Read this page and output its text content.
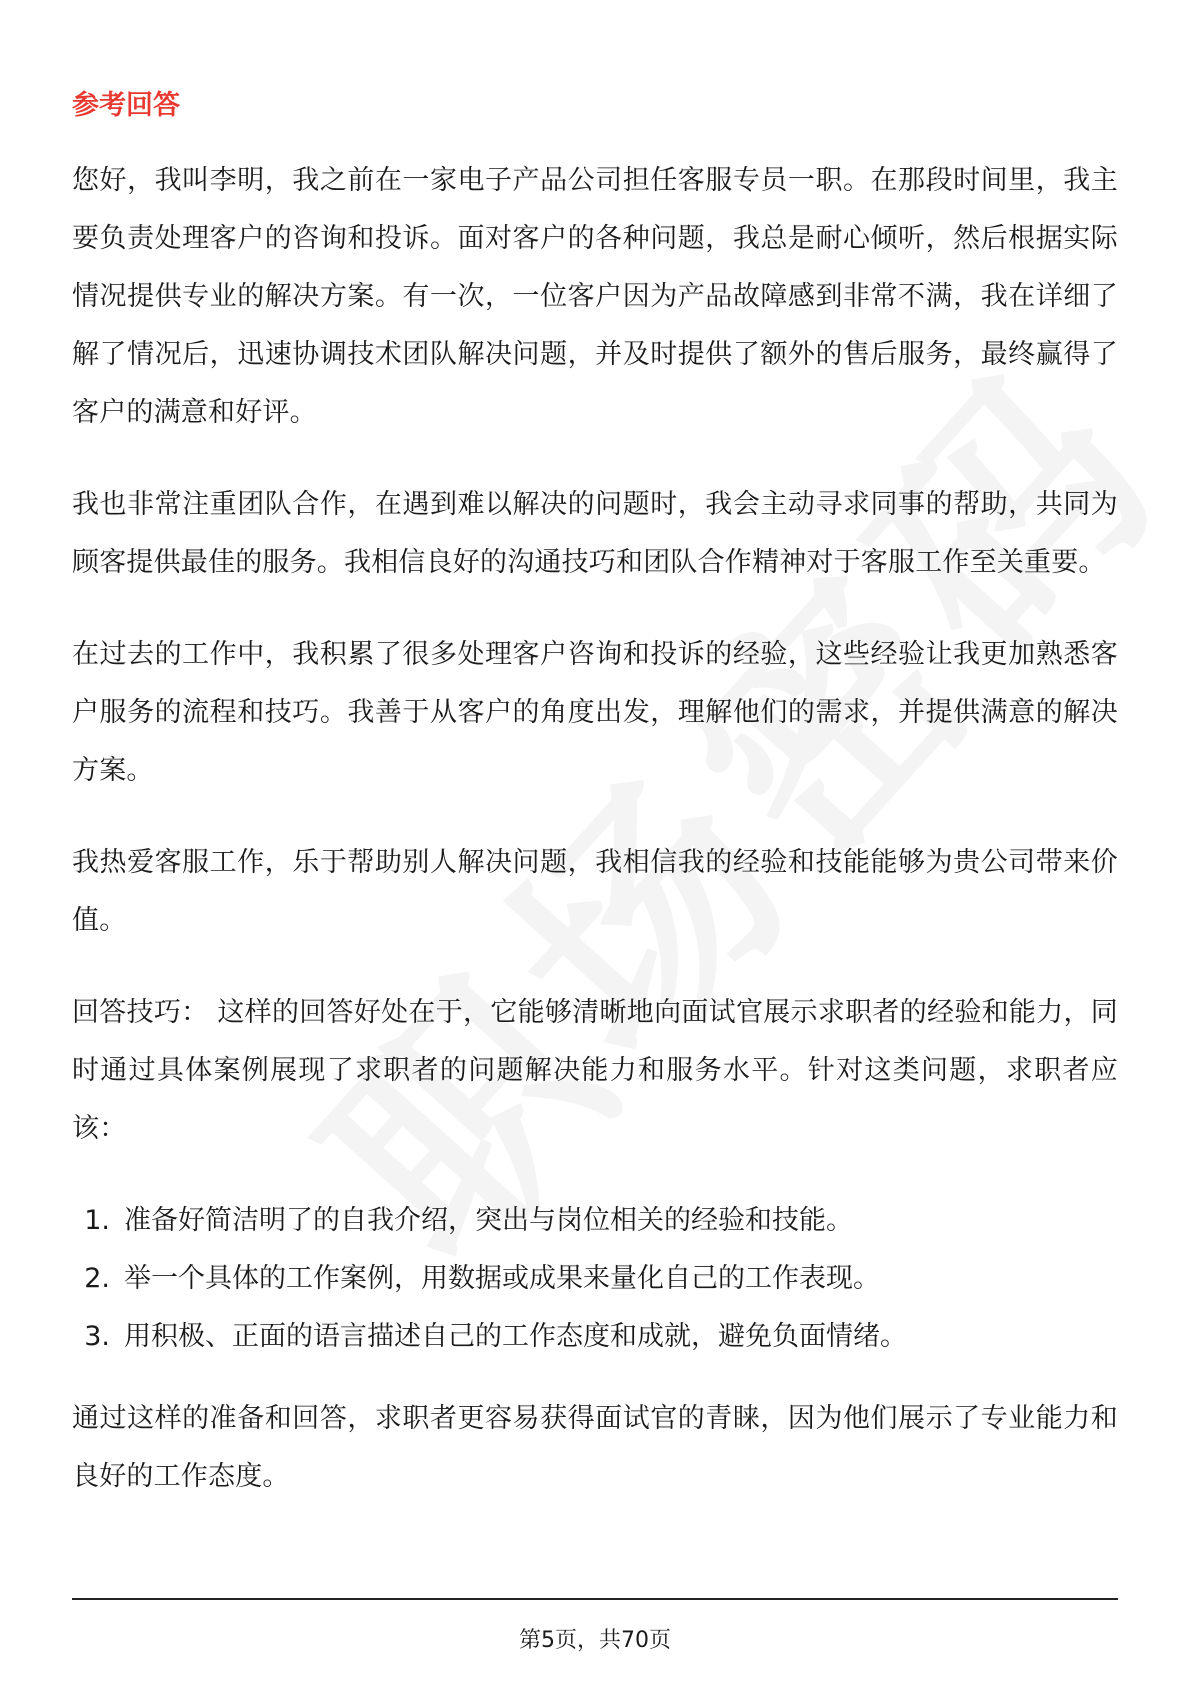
参考回答

您好，我叫李明，我之前在一家电子产品公司担任客服专员一职。在那段时间里，我主要负责处理客户的咨询和投诉。面对客户的各种问题，我总是耐心倾听，然后根据实际情况提供专业的解决方案。有一次，一位客户因为产品故障感到非常不满，我在详细了解了情况后，迅速协调技术团队解决问题，并及时提供了额外的售后服务，最终赢得了客户的满意和好评。

我也非常注重团队合作，在遇到难以解决的问题时，我会主动寻求同事的帮助，共同为顾客提供最佳的服务。我相信良好的沟通技巧和团队合作精神对于客服工作至关重要。

在过去的工作中，我积累了很多处理客户咨询和投诉的经验，这些经验让我更加熟悉客户服务的流程和技巧。我善于从客户的角度出发，理解他们的需求，并提供满意的解决方案。

我热爱客服工作，乐于帮助别人解决问题，我相信我的经验和技能能够为贵公司带来价值。

回答技巧： 这样的回答好处在于，它能够清晰地向面试官展示求职者的经验和能力，同时通过具体案例展现了求职者的问题解决能力和服务水平。针对这类问题，求职者应该：

1. 准备好简洁明了的自我介绍，突出与岗位相关的经验和技能。
2. 举一个具体的工作案例，用数据或成果来量化自己的工作表现。
3. 用积极、正面的语言描述自己的工作态度和成就，避免负面情绪。

通过这样的准备和回答，求职者更容易获得面试官的青睐，因为他们展示了专业能力和良好的工作态度。

第5页，共70页
